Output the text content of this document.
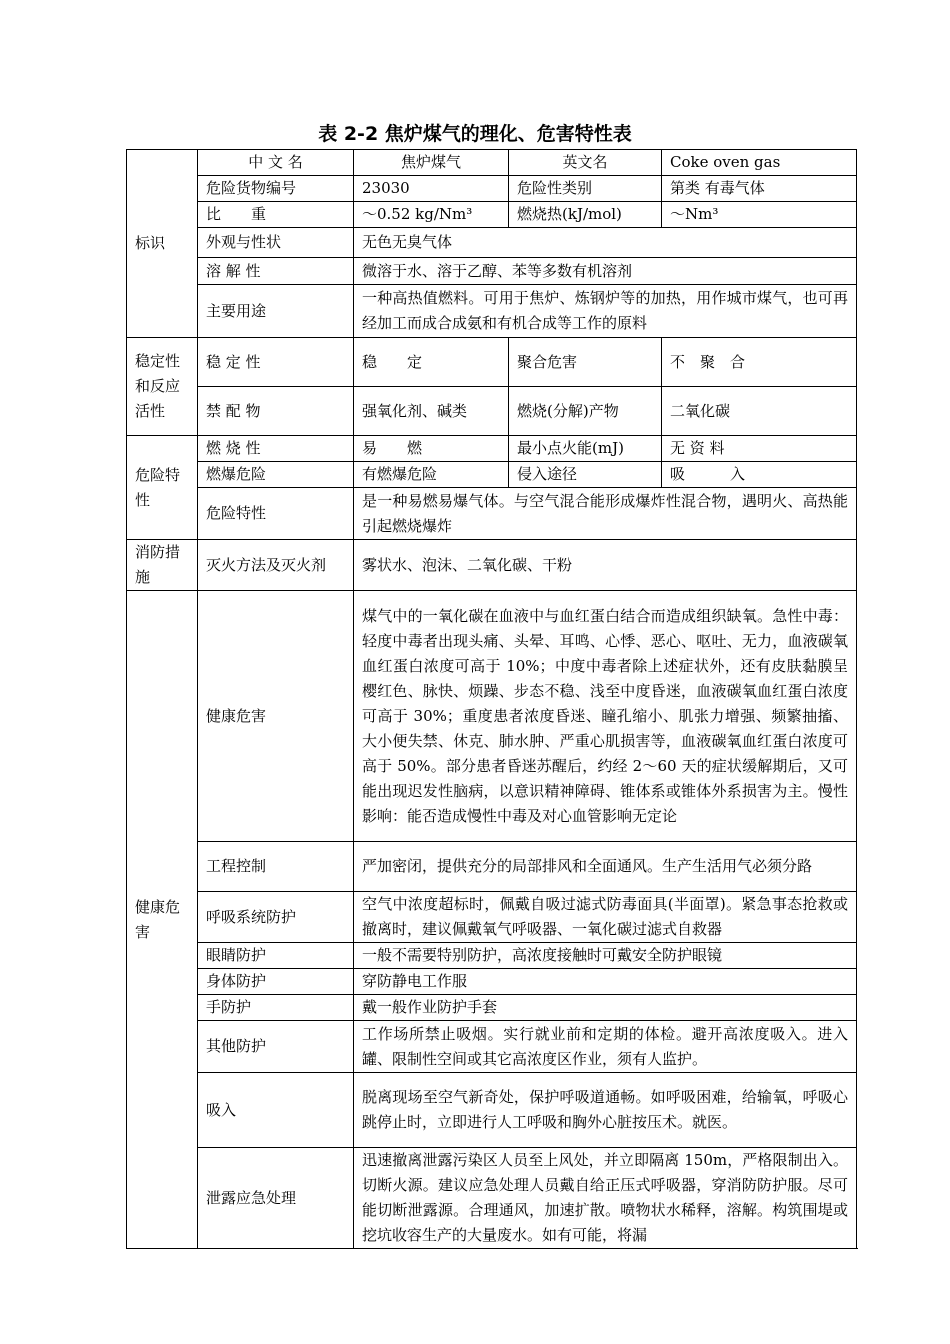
表 2-2 焦炉煤气的理化、危害特性表
标识	中 文 名	焦炉煤气	英文名	Coke oven gas
	危险货物编号	23030	危险性类别	第类 有毒气体
	比　　重	～0.52 kg/Nm³	燃烧热(kJ/mol)	～Nm³
	外观与性状	无色无臭气体		
	溶 解 性	微溶于水、溶于乙醇、苯等多数有机溶剂		
	主要用途	一种高热值燃料。可用于焦炉、炼钢炉等的加热，用作城市煤气，也可再经加工而成合成氨和有机合成等工作的原料		
稳定性和反应活性	稳 定 性	稳　　定	聚合危害	不　聚　合
	禁 配 物	强氧化剂、碱类	燃烧(分解)产物	二氧化碳
危险特性	燃 烧 性	易　　燃	最小点火能(mJ)	无 资 料
	燃爆危险	有燃爆危险	侵入途径	吸　　　入
	危险特性	是一种易燃易爆气体。与空气混合能形成爆炸性混合物，遇明火、高热能引起燃烧爆炸		
消防措施	灭火方法及灭火剂	雾状水、泡沫、二氧化碳、干粉		
健康危害	健康危害	煤气中的一氧化碳在血液中与血红蛋白结合而造成组织缺氧。急性中毒：轻度中毒者出现头痛、头晕、耳鸣、心悸、恶心、呕吐、无力，血液碳氧血红蛋白浓度可高于 10%；中度中毒者除上述症状外，还有皮肤黏膜呈樱红色、脉快、烦躁、步态不稳、浅至中度昏迷，血液碳氧血红蛋白浓度可高于 30%；重度患者浓度昏迷、瞳孔缩小、肌张力增强、频繁抽搐、大小便失禁、休克、肺水肿、严重心肌损害等，血液碳氧血红蛋白浓度可高于 50%。部分患者昏迷苏醒后，约经 2～60 天的症状缓解期后，又可能出现迟发性脑病，以意识精神障碍、锥体系或锥体外系损害为主。慢性影响：能否造成慢性中毒及对心血管影响无定论		
	工程控制	严加密闭，提供充分的局部排风和全面通风。生产生活用气必须分路		
	呼吸系统防护	空气中浓度超标时，佩戴自吸过滤式防毒面具(半面罩)。紧急事态抢救或撤离时，建议佩戴氧气呼吸器、一氧化碳过滤式自救器		
	眼睛防护	一般不需要特别防护，高浓度接触时可戴安全防护眼镜		
	身体防护	穿防静电工作服		
	手防护	戴一般作业防护手套		
	其他防护	工作场所禁止吸烟。实行就业前和定期的体检。避开高浓度吸入。进入罐、限制性空间或其它高浓度区作业，须有人监护。		
	吸入	脱离现场至空气新奇处，保护呼吸道通畅。如呼吸困难，给输氧，呼吸心跳停止时，立即进行人工呼吸和胸外心脏按压术。就医。		
	泄露应急处理	迅速撤离泄露污染区人员至上风处，并立即隔离 150m，严格限制出入。切断火源。建议应急处理人员戴自给正压式呼吸器，穿消防防护服。尽可能切断泄露源。合理通风，加速扩散。喷物状水稀释，溶解。构筑围堤或挖坑收容生产的大量废水。如有可能，将漏		
